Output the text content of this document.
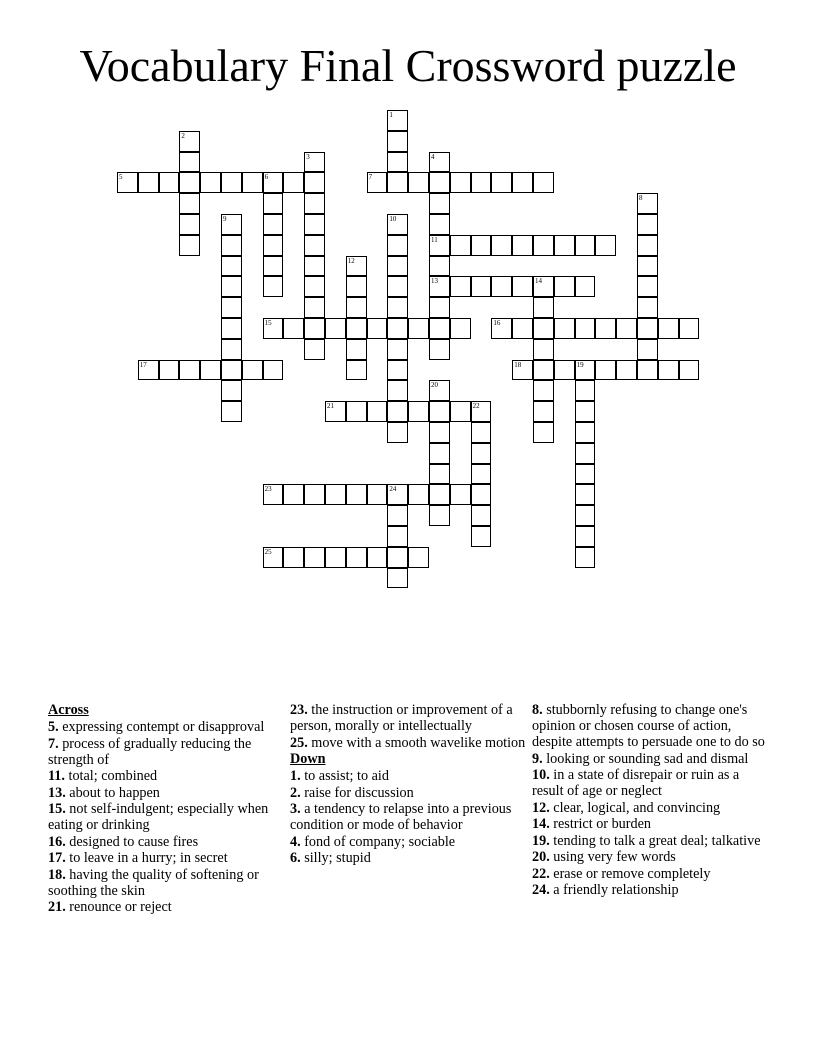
Vocabulary Final Crossword puzzle
1
2
3	4
11
13
5	6	7
8
9	10
12
14
15	16
17	18	19
20
21	22
23	24
25
Across
5. expressing contempt or disapproval
7. process of gradually reducing the strength of
11. total; combined
13. about to happen
15. not self-indulgent; especially when eating or drinking
16. designed to cause fires
17. to leave in a hurry; in secret
18. having the quality of softening or soothing the skin
21. renounce or reject
23. the instruction or improvement of a person, morally or intellectually
25. move with a smooth wavelike motion
Down
1. to assist; to aid
2. raise for discussion
3. a tendency to relapse into a previous condition or mode of behavior
4. fond of company; sociable
6. silly; stupid
8. stubbornly refusing to change one's opinion or chosen course of action, despite attempts to persuade one to do so
9. looking or sounding sad and dismal
10. in a state of disrepair or ruin as a result of age or neglect
12. clear, logical, and convincing
14. restrict or burden
19. tending to talk a great deal; talkative
20. using very few words
22. erase or remove completely
24. a friendly relationship
